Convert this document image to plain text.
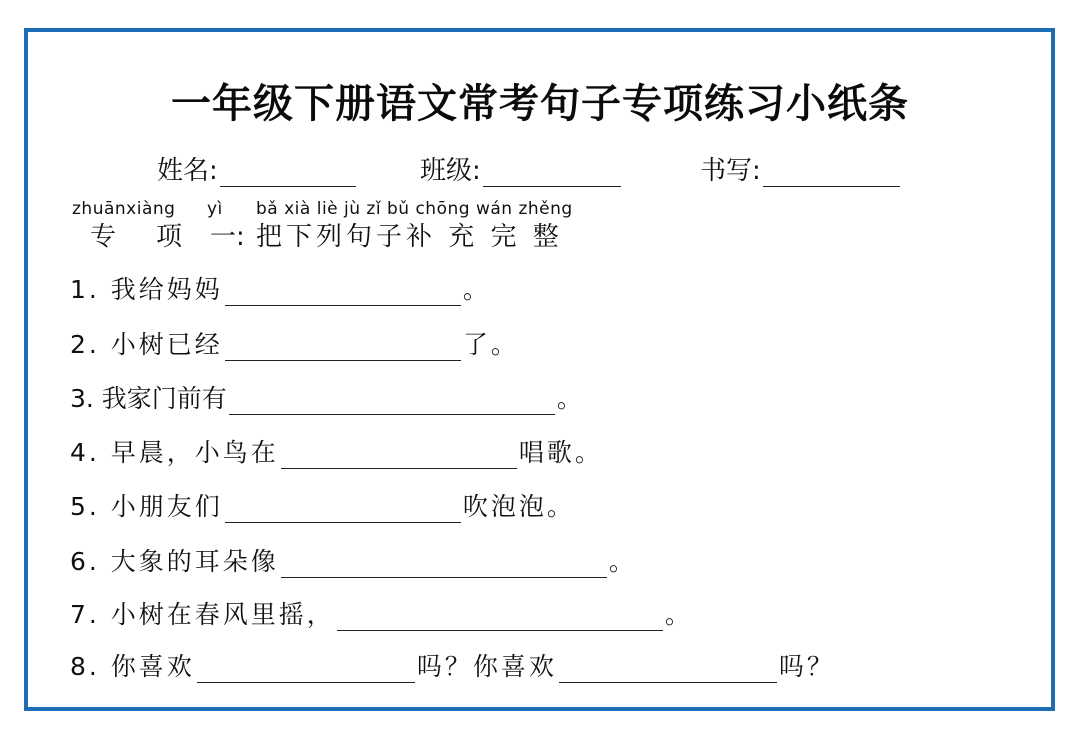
一年级下册语文常考句子专项练习小纸条
姓名:	班级:	书写:
zhuānxiàng yì bǎ xià liè jù zǐ bǔ chōng wán zhěng
专 项 一: 把下列句子补 充 完 整
1. 我给妈妈	。
2. 小树已经	了。
3. 我家门前有	。
4. 早晨，小鸟在	唱歌。
5. 小朋友们	吹泡泡。
6. 大象的耳朵像	。
7. 小树在春风里摇，	。
8. 你喜欢	吗？你喜欢	吗？
